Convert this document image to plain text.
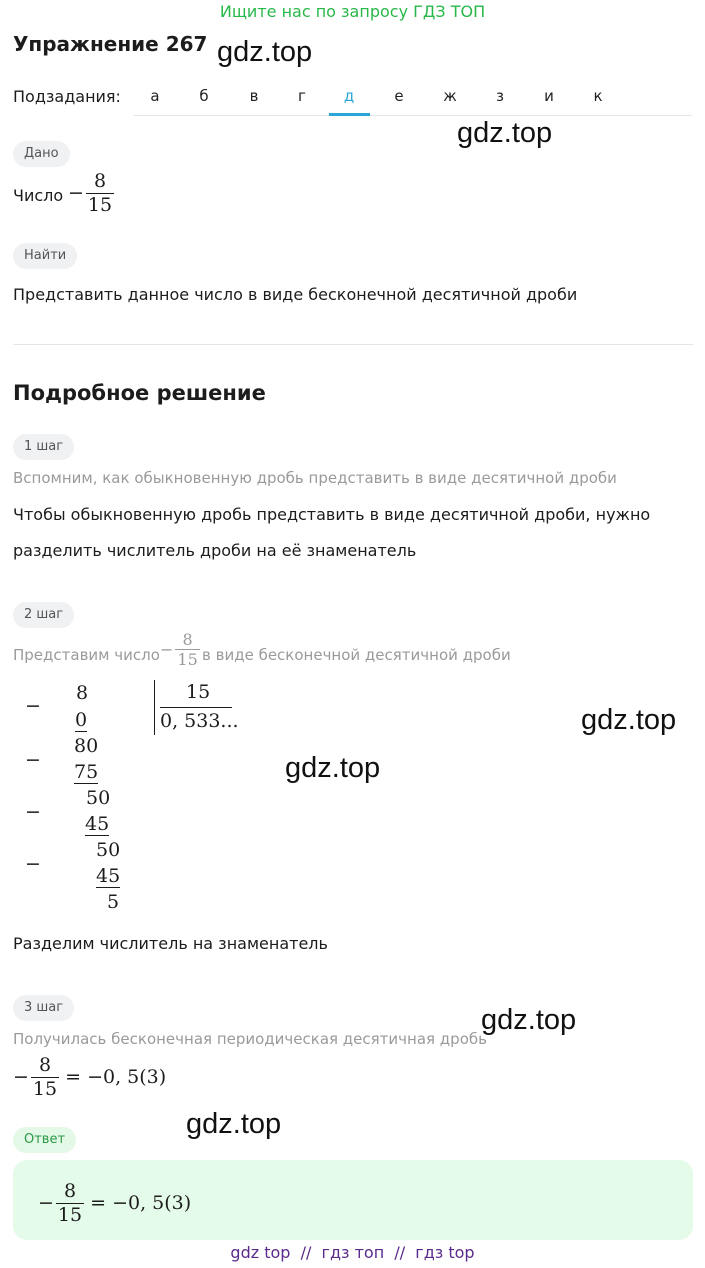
Ищите нас по запросу ГДЗ ТОП
Упражнение 267 gdz.top
Подзадания:	а	б	в	г	д	е	ж	з	и	к
gdz.top
Дано
Число − $\frac{8}{15}$
Найти
Представить данное число в виде бесконечной десятичной дроби
Подробное решение
1 шаг
Вспомним, как обыкновенную дробь представить в виде десятичной дроби
Чтобы обыкновенную дробь представить в виде десятичной дроби, нужно
разделить числитель дроби на её знаменатель
2 шаг
Представим число − $\frac{8}{15}$ в виде бесконечной десятичной дроби
−
−
−
−
8
0
80
75
50
45
50
45
5
15
0, 533...	gdz.top
gdz.top
Разделим числитель на знаменатель
3 шаг	gdz.top
Получилась бесконечная периодическая десятичная дробь
− $\frac{8}{15} = -0$, 5(3)
gdz.top
Ответ
− $\frac{8}{15} = -0$, 5(3)
gdz top  //  гдз топ  //  гдз top
